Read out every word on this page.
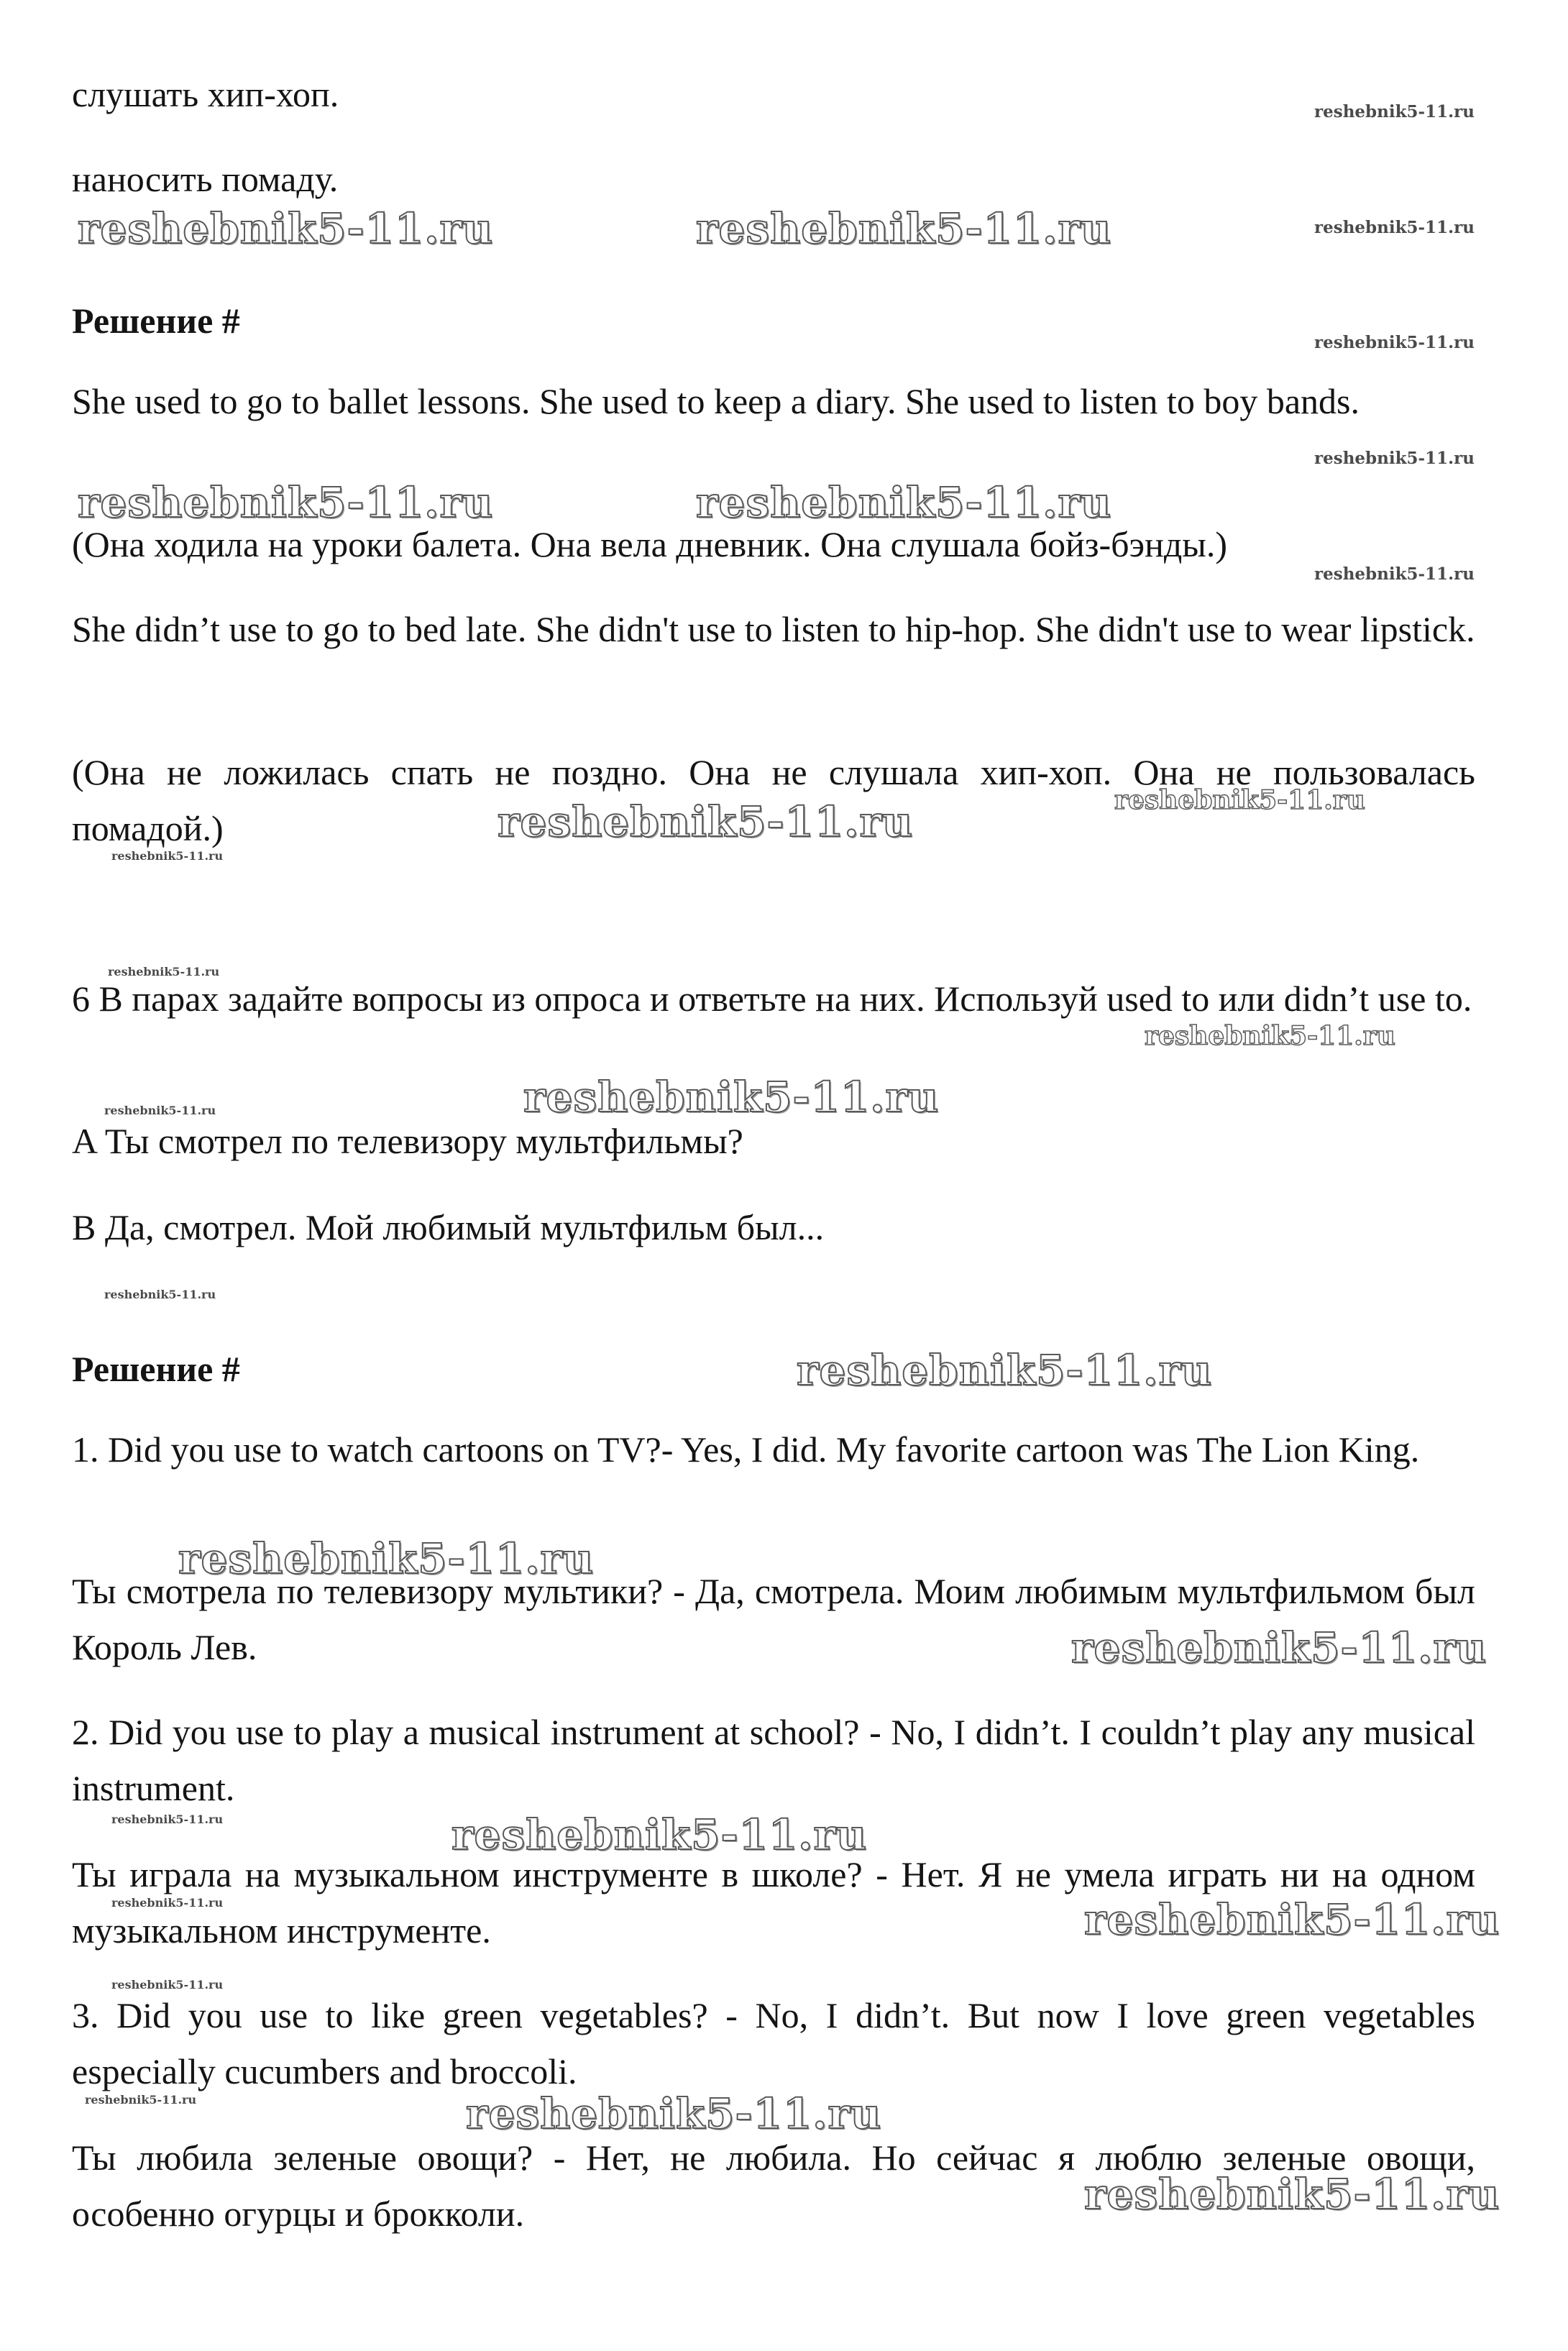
слушать хип-хоп.

наносить помаду.

Решение #

She used to go to ballet lessons. She used to keep a diary. She used to listen to boy bands.

(Она ходила на уроки балета. Она вела дневник. Она слушала бойз-бэнды.)

She didn’t use to go to bed late. She didn't use to listen to hip-hop. She didn't use to wear lipstick.

(Она не ложилась спать не поздно. Она не слушала хип-хоп. Она не пользовалась помадой.)

6 В парах задайте вопросы из опроса и ответьте на них. Используй used to или didn’t use to.

A Ты смотрел по телевизору мультфильмы?

B Да, смотрел. Мой любимый мультфильм был...

Решение #

1. Did you use to watch cartoons on TV?- Yes, I did. My favorite cartoon was The Lion King.

Ты смотрела по телевизору мультики? - Да, смотрела. Моим любимым мультфильмом был Король Лев.

2. Did you use to play a musical instrument at school? - No, I didn’t. I couldn’t play any musical instrument.

Ты играла на музыкальном инструменте в школе? - Нет. Я не умела играть ни на одном музыкальном инструменте.

3. Did you use to like green vegetables? - No, I didn’t. But now I love green vegetables especially cucumbers and broccoli.

Ты любила зеленые овощи? - Нет, не любила. Но сейчас я люблю зеленые овощи, особенно огурцы и брокколи.

reshebnik5-11.ru
reshebnik5-11.ru	reshebnik5-11.ru	reshebnik5-11.ru
reshebnik5-11.ru
reshebnik5-11.ru
reshebnik5-11.ru	reshebnik5-11.ru
reshebnik5-11.ru
reshebnik5-11.ru
reshebnik5-11.ru
reshebnik5-11.ru
reshebnik5-11.ru
reshebnik5-11.ru
reshebnik5-11.ru
reshebnik5-11.ru
reshebnik5-11.ru
reshebnik5-11.ru
reshebnik5-11.ru
reshebnik5-11.ru
reshebnik5-11.ru	reshebnik5-11.ru
reshebnik5-11.ru	reshebnik5-11.ru
reshebnik5-11.ru
reshebnik5-11.ru	reshebnik5-11.ru
reshebnik5-11.ru
